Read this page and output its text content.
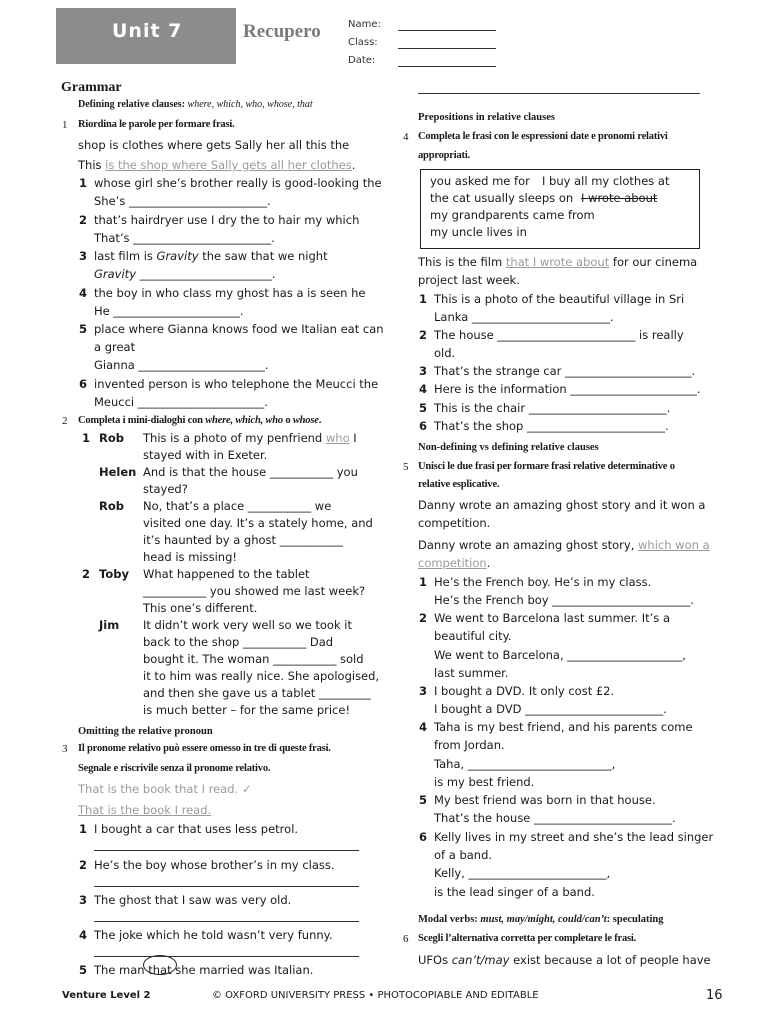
Unit 7	Recupero	Name:
Class:
Date:
Grammar
Defining relative clauses: where, which, who, whose, that
1 Riordina le parole per formare frasi.
shop is clothes where gets Sally her all this the
This is the shop where Sally gets all her clothes.
1 whose girl she’s brother really is good-looking the
She’s ________________________.
2 that’s hairdryer use I dry the to hair my which
That’s ________________________.
3 last film is Gravity the saw that we night
Gravity _______________________.
4 the boy in who class my ghost has a is seen he
He ______________________.
5 place where Gianna knows food we Italian eat can
a great
Gianna ______________________.
6 invented person is who telephone the Meucci the
Meucci ______________________.
2 Completa i mini-dialoghi con where, which, who o whose.
1 Rob This is a photo of my penfriend who I
stayed with in Exeter.
Helen And is that the house ___________ you
stayed?
Rob No, that’s a place ___________ we
visited one day. It’s a stately home, and
it’s haunted by a ghost ___________
head is missing!
2 Toby What happened to the tablet
___________ you showed me last week?
This one’s different.
Jim It didn’t work very well so we took it
back to the shop ___________ Dad
bought it. The woman ___________ sold
it to him was really nice. She apologised,
and then she gave us a tablet _________
is much better – for the same price!
Omitting the relative pronoun
3 Il pronome relativo può essere omesso in tre di queste frasi.
Segnale e riscrivile senza il pronome relativo.
That is the book that I read. ✓
That is the book I read.
1 I bought a car that uses less petrol.
2 He’s the boy whose brother’s in my class.
3 The ghost that I saw was very old.
4 The joke which he told wasn’t very funny.
5 The man that she married was Italian.
Prepositions in relative clauses
4 Completa le frasi con le espressioni date e pronomi relativi
appropriati.
you asked me for I buy all my clothes at
the cat usually sleeps on I wrote about
my grandparents came from
my uncle lives in
This is the film that I wrote about for our cinema
project last week.
1 This is a photo of the beautiful village in Sri
Lanka ________________________.
2 The house ________________________ is really
old.
3 That’s the strange car ______________________.
4 Here is the information ______________________.
5 This is the chair ________________________.
6 That’s the shop ________________________.
Non-defining vs defining relative clauses
5 Unisci le due frasi per formare frasi relative determinative o
relative esplicative.
Danny wrote an amazing ghost story and it won a
competition.
Danny wrote an amazing ghost story, which won a
competition.
1 He’s the French boy. He’s in my class.
He’s the French boy ________________________.
2 We went to Barcelona last summer. It’s a
beautiful city.
We went to Barcelona, ____________________,
last summer.
3 I bought a DVD. It only cost £2.
I bought a DVD ________________________.
4 Taha is my best friend, and his parents come
from Jordan.
Taha, _________________________,
is my best friend.
5 My best friend was born in that house.
That’s the house ________________________.
6 Kelly lives in my street and she’s the lead singer
of a band.
Kelly, ________________________,
is the lead singer of a band.
Modal verbs: must, may/might, could/can’t: speculating
6 Scegli l’alternativa corretta per completare le frasi.
UFOs can’t/may exist because a lot of people have
Venture Level 2	© OXFORD UNIVERSITY PRESS • PHOTOCOPIABLE AND EDITABLE	16
